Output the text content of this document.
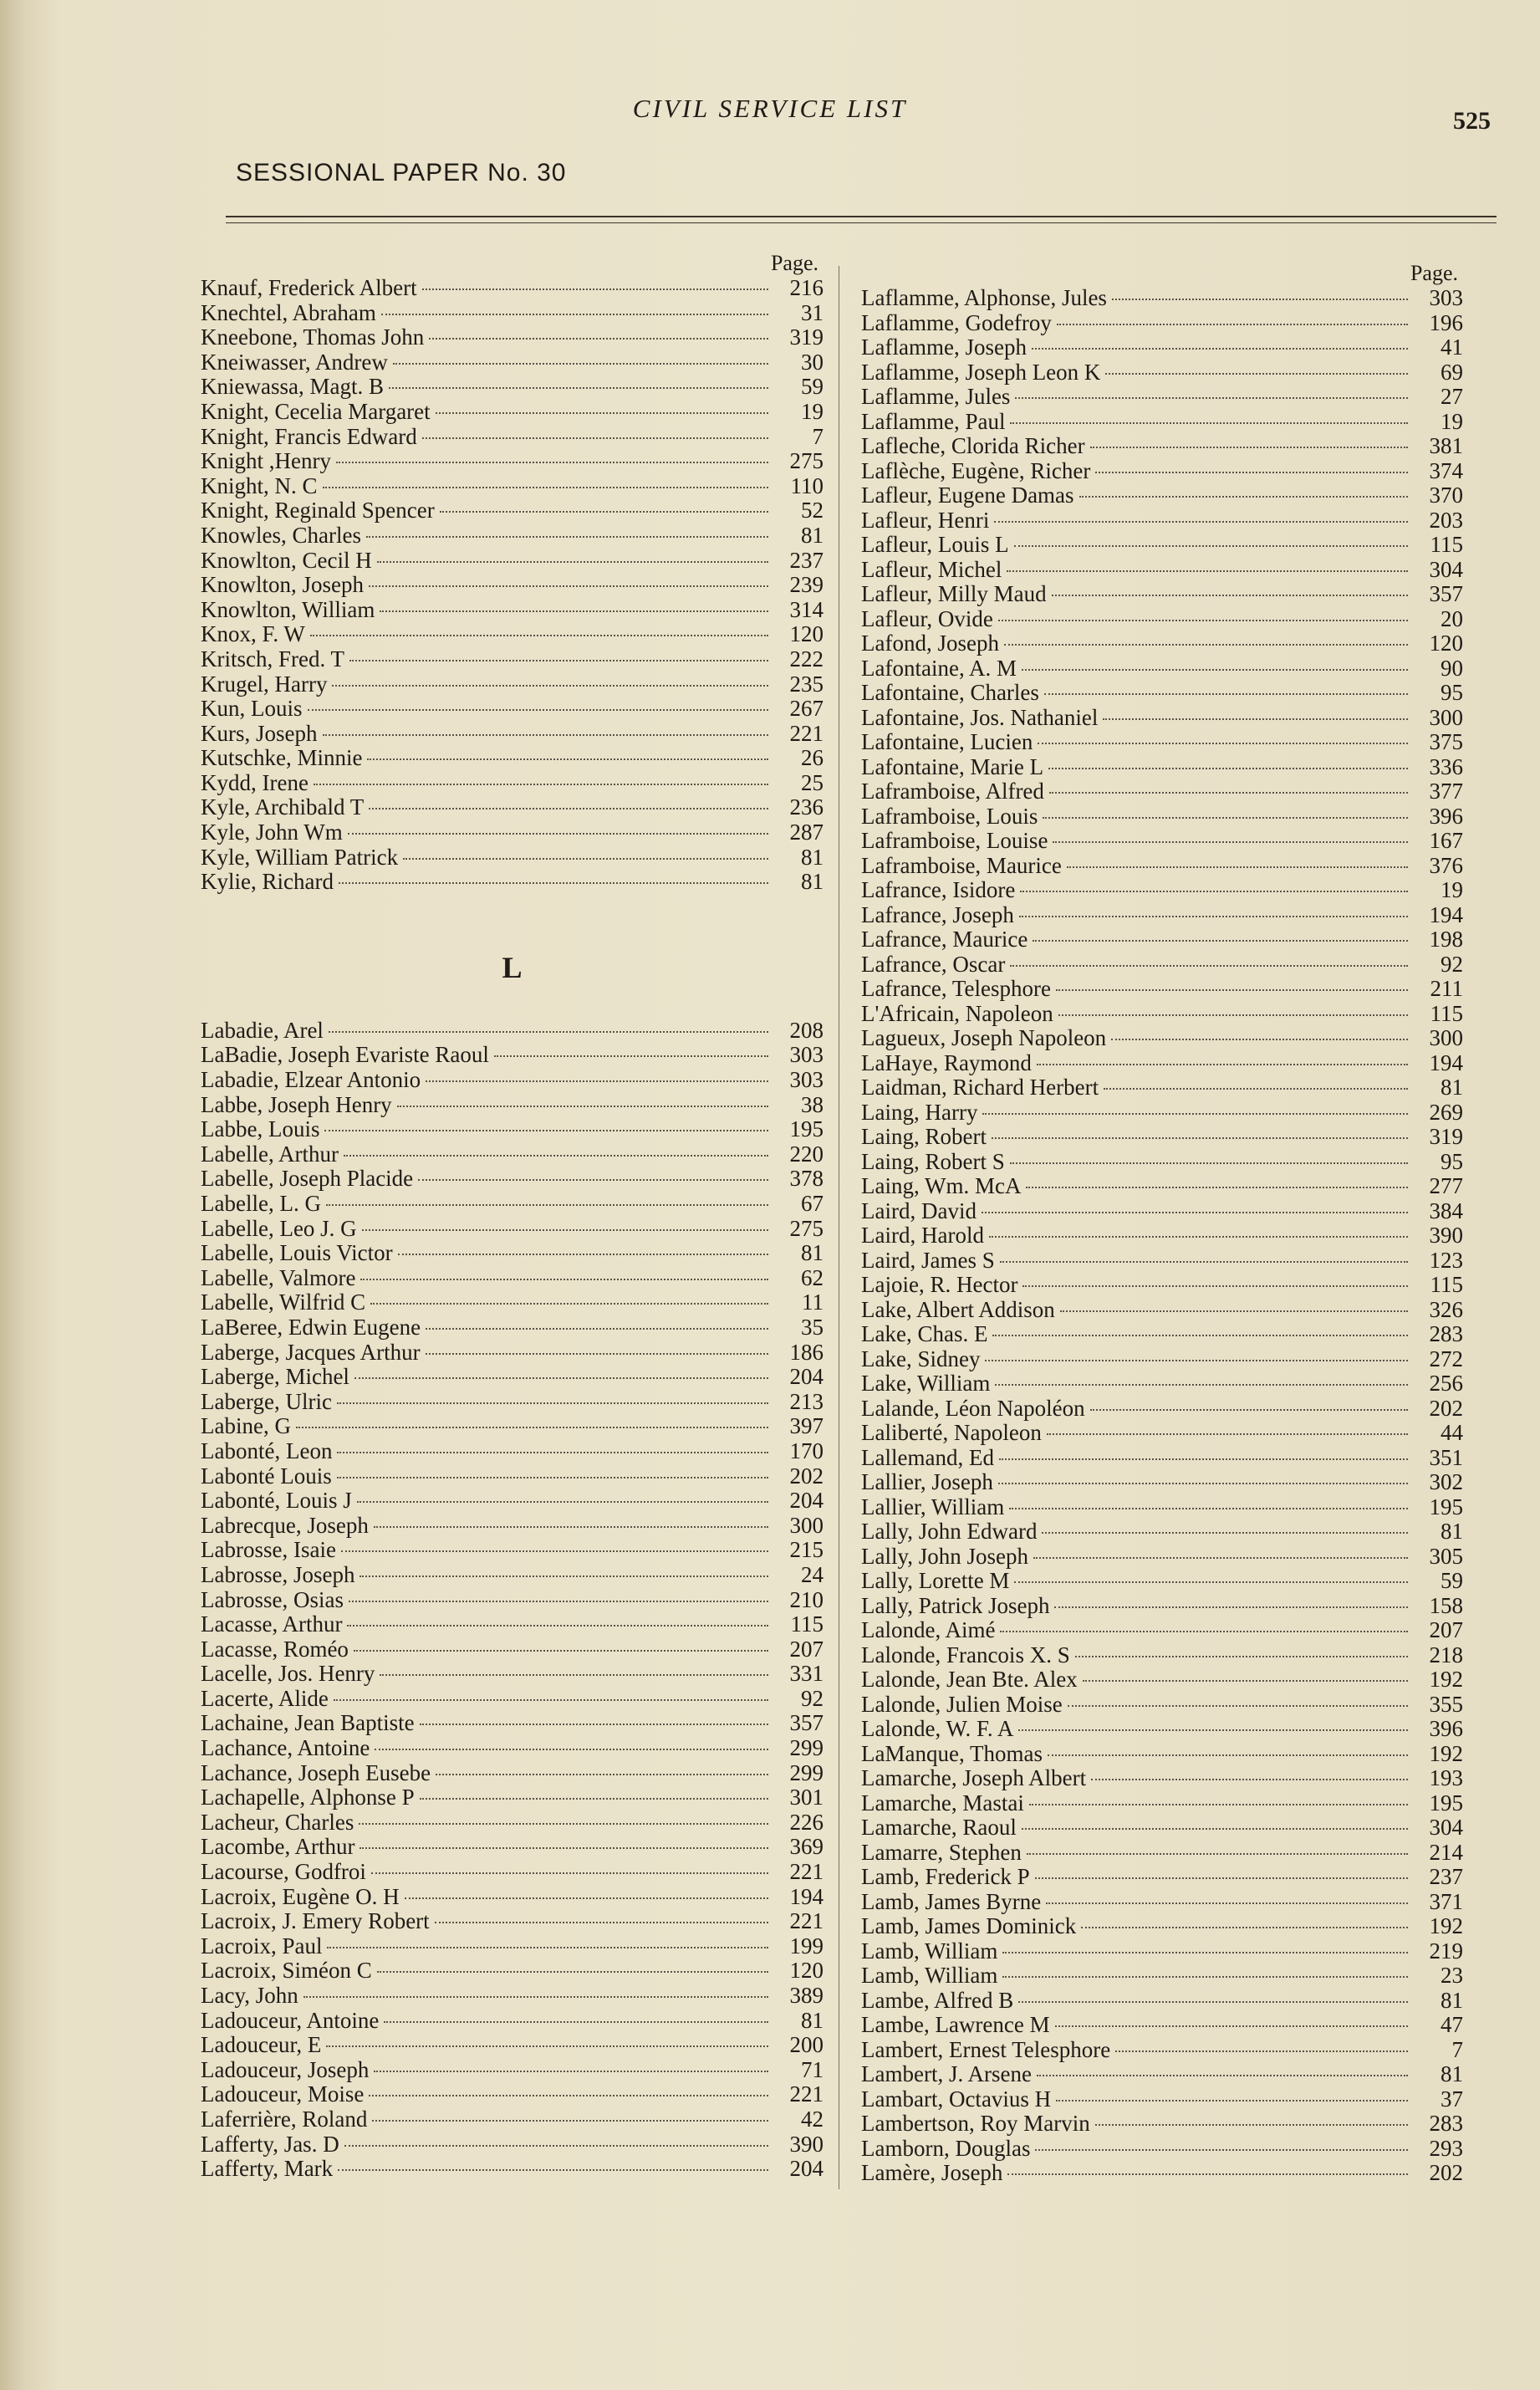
CIVIL SERVICE LIST	525
SESSIONAL PAPER No. 30
Page.
Knauf, Frederick Albert	216
Knechtel, Abraham	31
Kneebone, Thomas John	319
Kneiwasser, Andrew	30
Kniewassa, Magt. B	59
Knight, Cecelia Margaret	19
Knight, Francis Edward	7
Knight ,Henry	275
Knight, N. C	110
Knight, Reginald Spencer	52
Knowles, Charles	81
Knowlton, Cecil H	237
Knowlton, Joseph	239
Knowlton, William	314
Knox, F. W	120
Kritsch, Fred. T	222
Krugel, Harry	235
Kun, Louis	267
Kurs, Joseph	221
Kutschke, Minnie	26
Kydd, Irene	25
Kyle, Archibald T	236
Kyle, John Wm	287
Kyle, William Patrick	81
Kylie, Richard	81
L
Labadie, Arel	208
LaBadie, Joseph Evariste Raoul	303
Labadie, Elzear Antonio	303
Labbe, Joseph Henry	38
Labbe, Louis	195
Labelle, Arthur	220
Labelle, Joseph Placide	378
Labelle, L. G	67
Labelle, Leo J. G	275
Labelle, Louis Victor	81
Labelle, Valmore	62
Labelle, Wilfrid C	11
LaBeree, Edwin Eugene	35
Laberge, Jacques Arthur	186
Laberge, Michel	204
Laberge, Ulric	213
Labine, G	397
Labonté, Leon	170
Labonté Louis	202
Labonté, Louis J	204
Labrecque, Joseph	300
Labrosse, Isaie	215
Labrosse, Joseph	24
Labrosse, Osias	210
Lacasse, Arthur	115
Lacasse, Roméo	207
Lacelle, Jos. Henry	331
Lacerte, Alide	92
Lachaine, Jean Baptiste	357
Lachance, Antoine	299
Lachance, Joseph Eusebe	299
Lachapelle, Alphonse P	301
Lacheur, Charles	226
Lacombe, Arthur	369
Lacourse, Godfroi	221
Lacroix, Eugène O. H	194
Lacroix, J. Emery Robert	221
Lacroix, Paul	199
Lacroix, Siméon C	120
Lacy, John	389
Ladouceur, Antoine	81
Ladouceur, E	200
Ladouceur, Joseph	71
Ladouceur, Moise	221
Laferrière, Roland	42
Lafferty, Jas. D	390
Lafferty, Mark	204
Page.
Laflamme, Alphonse, Jules	303
Laflamme, Godefroy	196
Laflamme, Joseph	41
Laflamme, Joseph Leon K	69
Laflamme, Jules	27
Laflamme, Paul	19
Lafleche, Clorida Richer	381
Laflèche, Eugène, Richer	374
Lafleur, Eugene Damas	370
Lafleur, Henri	203
Lafleur, Louis L	115
Lafleur, Michel	304
Lafleur, Milly Maud	357
Lafleur, Ovide	20
Lafond, Joseph	120
Lafontaine, A. M	90
Lafontaine, Charles	95
Lafontaine, Jos. Nathaniel	300
Lafontaine, Lucien	375
Lafontaine, Marie L	336
Laframboise, Alfred	377
Laframboise, Louis	396
Laframboise, Louise	167
Laframboise, Maurice	376
Lafrance, Isidore	19
Lafrance, Joseph	194
Lafrance, Maurice	198
Lafrance, Oscar	92
Lafrance, Telesphore	211
L'Africain, Napoleon	115
Lagueux, Joseph Napoleon	300
LaHaye, Raymond	194
Laidman, Richard Herbert	81
Laing, Harry	269
Laing, Robert	319
Laing, Robert S	95
Laing, Wm. McA	277
Laird, David	384
Laird, Harold	390
Laird, James S	123
Lajoie, R. Hector	115
Lake, Albert Addison	326
Lake, Chas. E	283
Lake, Sidney	272
Lake, William	256
Lalande, Léon Napoléon	202
Laliberté, Napoleon	44
Lallemand, Ed	351
Lallier, Joseph	302
Lallier, William	195
Lally, John Edward	81
Lally, John Joseph	305
Lally, Lorette M	59
Lally, Patrick Joseph	158
Lalonde, Aimé	207
Lalonde, Francois X. S	218
Lalonde, Jean Bte. Alex	192
Lalonde, Julien Moise	355
Lalonde, W. F. A	396
LaManque, Thomas	192
Lamarche, Joseph Albert	193
Lamarche, Mastai	195
Lamarche, Raoul	304
Lamarre, Stephen	214
Lamb, Frederick P	237
Lamb, James Byrne	371
Lamb, James Dominick	192
Lamb, William	219
Lamb, William	23
Lambe, Alfred B	81
Lambe, Lawrence M	47
Lambert, Ernest Telesphore	7
Lambert, J. Arsene	81
Lambart, Octavius H	37
Lambertson, Roy Marvin	283
Lamborn, Douglas	293
Lamère, Joseph	202
